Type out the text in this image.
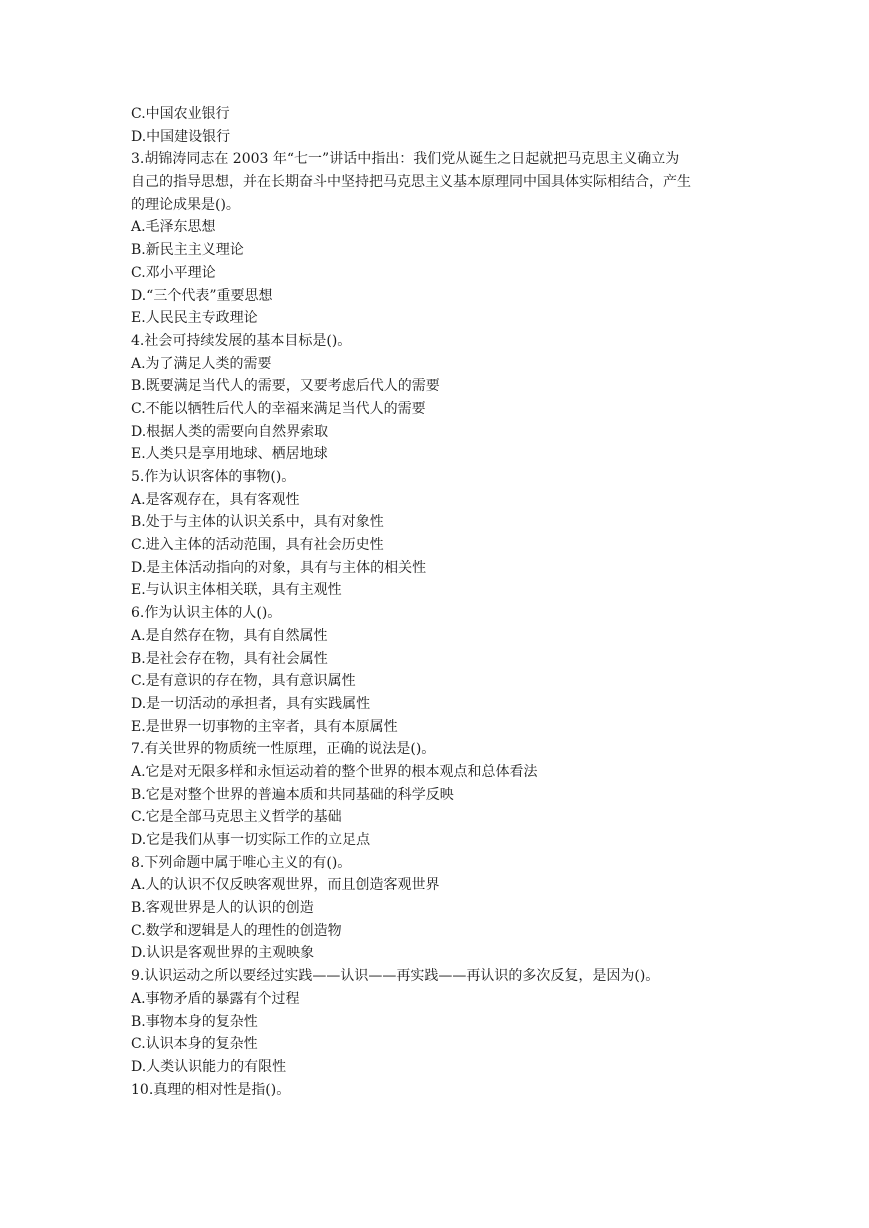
C.中国农业银行
D.中国建设银行
3.胡锦涛同志在 2003 年“七一”讲话中指出：我们党从诞生之日起就把马克思主义确立为
自己的指导思想，并在长期奋斗中坚持把马克思主义基本原理同中国具体实际相结合，产生
的理论成果是()。
A.毛泽东思想
B.新民主主义理论
C.邓小平理论
D.“三个代表”重要思想
E.人民民主专政理论
4.社会可持续发展的基本目标是()。
A.为了满足人类的需要
B.既要满足当代人的需要，又要考虑后代人的需要
C.不能以牺牲后代人的幸福来满足当代人的需要
D.根据人类的需要向自然界索取
E.人类只是享用地球、栖居地球
5.作为认识客体的事物()。
A.是客观存在，具有客观性
B.处于与主体的认识关系中，具有对象性
C.进入主体的活动范围，具有社会历史性
D.是主体活动指向的对象，具有与主体的相关性
E.与认识主体相关联，具有主观性
6.作为认识主体的人()。
A.是自然存在物，具有自然属性
B.是社会存在物，具有社会属性
C.是有意识的存在物，具有意识属性
D.是一切活动的承担者，具有实践属性
E.是世界一切事物的主宰者，具有本原属性
7.有关世界的物质统一性原理，正确的说法是()。
A.它是对无限多样和永恒运动着的整个世界的根本观点和总体看法
B.它是对整个世界的普遍本质和共同基础的科学反映
C.它是全部马克思主义哲学的基础
D.它是我们从事一切实际工作的立足点
8.下列命题中属于唯心主义的有()。
A.人的认识不仅反映客观世界，而且创造客观世界
B.客观世界是人的认识的创造
C.数学和逻辑是人的理性的创造物
D.认识是客观世界的主观映象
9.认识运动之所以要经过实践——认识——再实践——再认识的多次反复，是因为()。
A.事物矛盾的暴露有个过程
B.事物本身的复杂性
C.认识本身的复杂性
D.人类认识能力的有限性
10.真理的相对性是指()。
